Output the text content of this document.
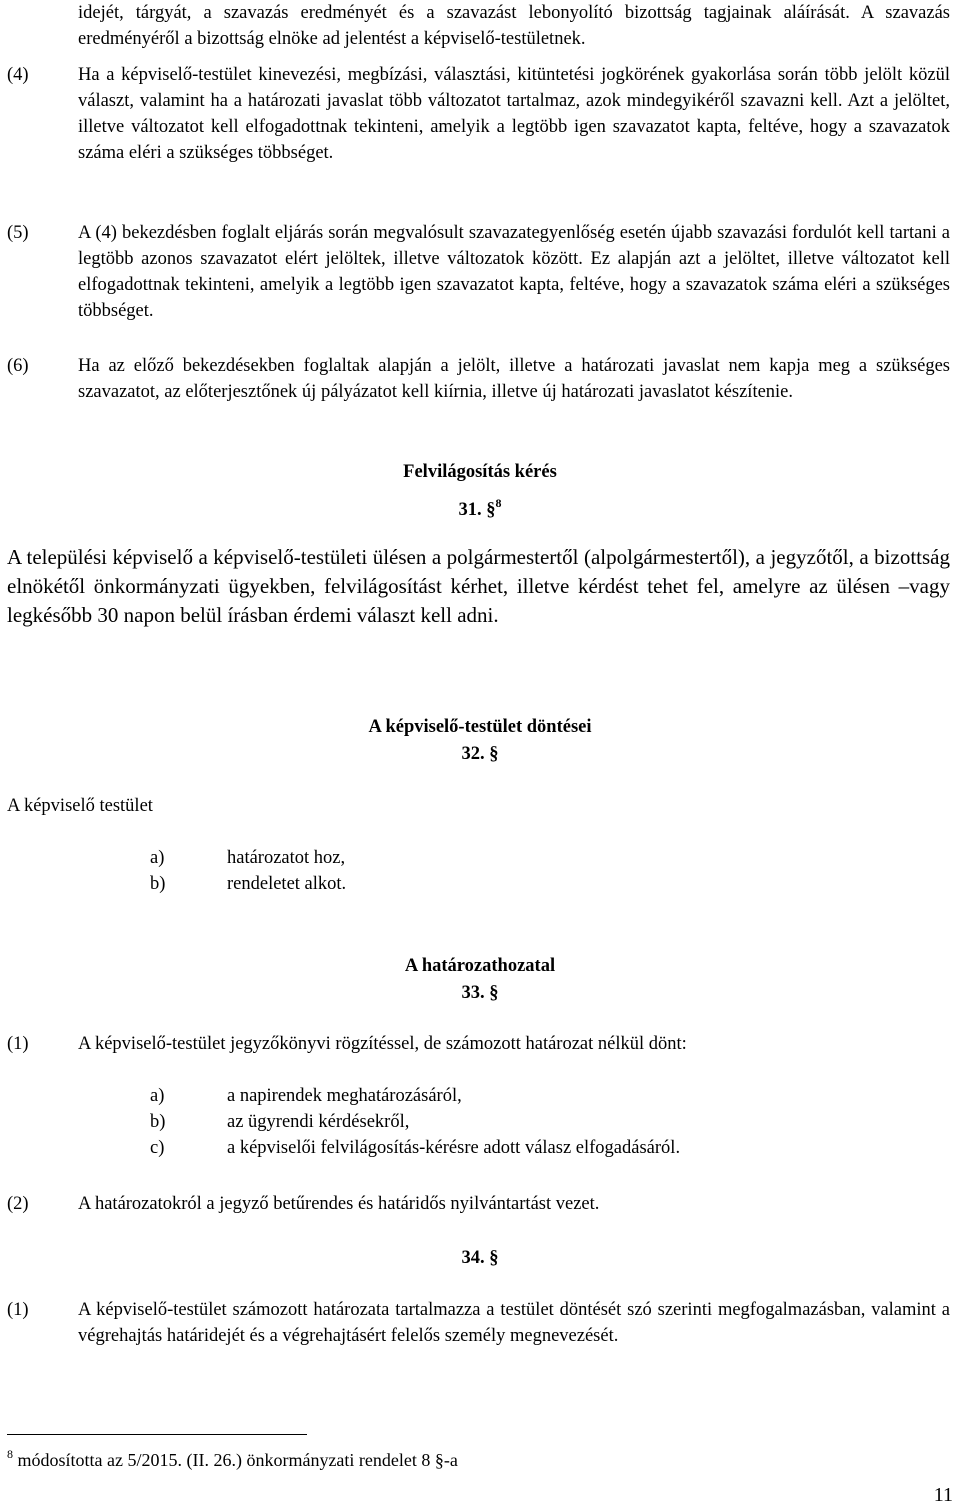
idejét, tárgyát, a szavazás eredményét és a szavazást lebonyolító bizottság tagjainak aláírását. A szavazás eredményéről a bizottság elnöke ad jelentést a képviselő-testületnek.
(4)	Ha a képviselő-testület kinevezési, megbízási, választási, kitüntetési jogkörének gyakorlása során több jelölt közül választ, valamint ha a határozati javaslat több változatot tartalmaz, azok mindegyikéről szavazni kell. Azt a jelöltet, illetve változatot kell elfogadottnak tekinteni, amelyik a legtöbb igen szavazatot kapta, feltéve, hogy a szavazatok száma eléri a szükséges többséget.
(5)	A (4) bekezdésben foglalt eljárás során megvalósult szavazategyenlőség esetén újabb szavazási fordulót kell tartani a legtöbb azonos szavazatot elért jelöltek, illetve változatok között. Ez alapján azt a jelöltet, illetve változatot kell elfogadottnak tekinteni, amelyik a legtöbb igen szavazatot kapta, feltéve, hogy a szavazatok száma eléri a szükséges többséget.
(6)	Ha az előző bekezdésekben foglaltak alapján a jelölt, illetve a határozati javaslat nem kapja meg a szükséges szavazatot, az előterjesztőnek új pályázatot kell kiírnia, illetve új határozati javaslatot készítenie.
Felvilágosítás kérés
31. §$^8$
A települési képviselő a képviselő-testületi ülésen a polgármestertől (alpolgármestertől), a jegyzőtől, a bizottság elnökétől önkormányzati ügyekben, felvilágosítást kérhet, illetve kérdést tehet fel, amelyre az ülésen –vagy legkésőbb 30 napon belül írásban érdemi választ kell adni.
A képviselő-testület döntései
32. §
A képviselő testület
a)	határozatot hoz,
b)	rendeletet alkot.
A határozathozatal
33. §
(1)	A képviselő-testület jegyzőkönyvi rögzítéssel, de számozott határozat nélkül dönt:
a)	a napirendek meghatározásáról,
b)	az ügyrendi kérdésekről,
c)	a képviselői felvilágosítás-kérésre adott válasz elfogadásáról.
(2)	A határozatokról a jegyző betűrendes és határidős nyilvántartást vezet.
34. §
(1)	A képviselő-testület számozott határozata tartalmazza a testület döntését szó szerinti megfogalmazásban, valamint a végrehajtás határidejét és a végrehajtásért felelős személy megnevezését.
$^8$ módosította az 5/2015. (II. 26.) önkormányzati rendelet 8 §-a
11
